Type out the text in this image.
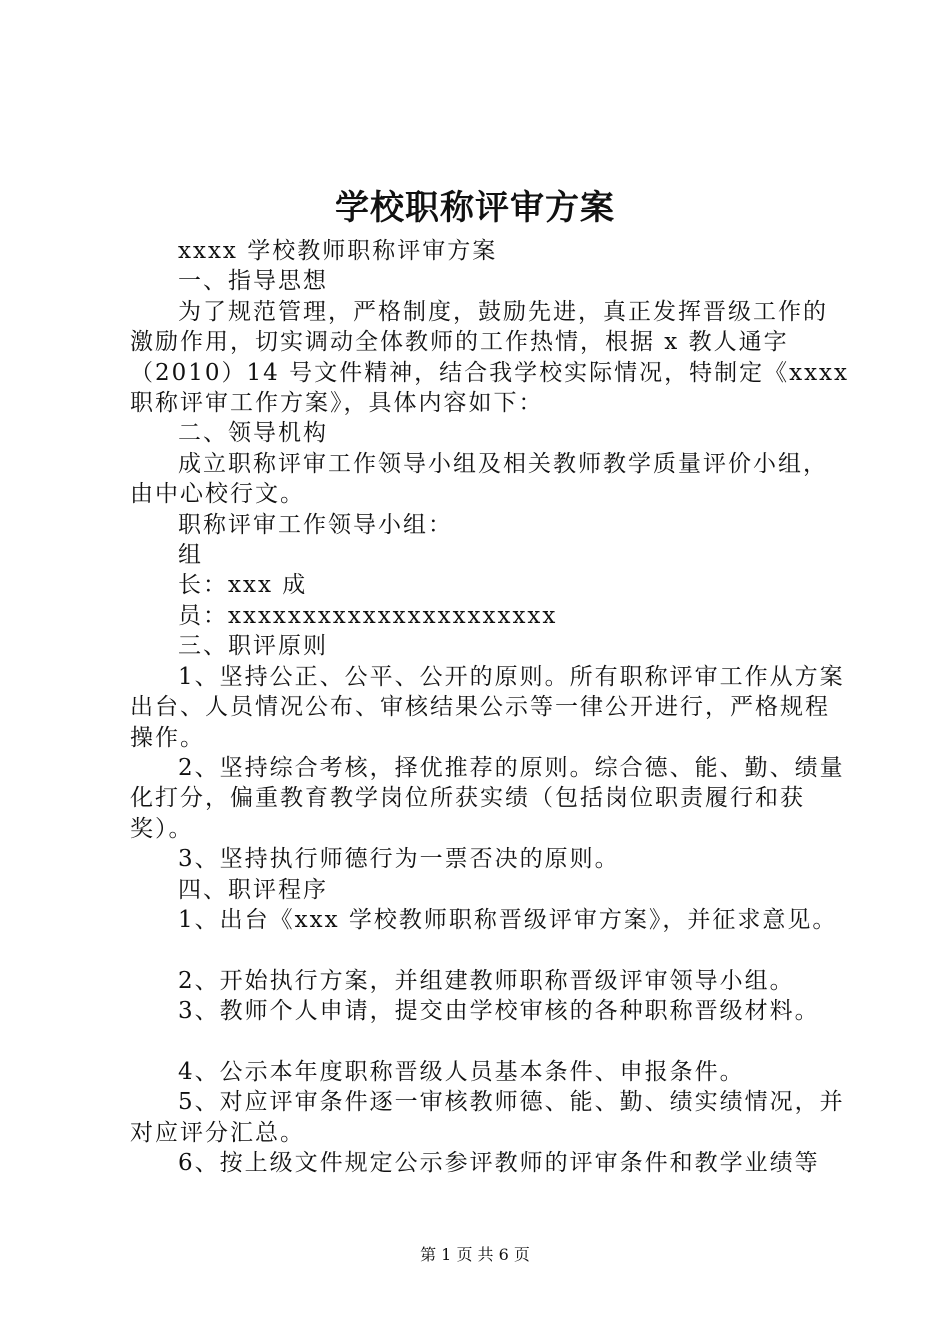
学校职称评审方案

xxxx 学校教师职称评审方案

一、指导思想

为了规范管理，严格制度，鼓励先进，真正发挥晋级工作的激励作用，切实调动全体教师的工作热情，根据 x 教人通字（2010）14 号文件精神，结合我学校实际情况，特制定《xxxx 职称评审工作方案》，具体内容如下：

二、领导机构

成立职称评审工作领导小组及相关教师教学质量评价小组，由中心校行文。

职称评审工作领导小组：

组

长：xxx 成

员：xxxxxxxxxxxxxxxxxxxxxx

三、职评原则

1、坚持公正、公平、公开的原则。所有职称评审工作从方案出台、人员情况公布、审核结果公示等一律公开进行，严格规程操作。

2、坚持综合考核，择优推荐的原则。综合德、能、勤、绩量化打分，偏重教育教学岗位所获实绩（包括岗位职责履行和获奖）。

3、坚持执行师德行为一票否决的原则。

四、职评程序

1、出台《xxx 学校教师职称晋级评审方案》，并征求意见。

2、开始执行方案，并组建教师职称晋级评审领导小组。

3、教师个人申请，提交由学校审核的各种职称晋级材料。

4、公示本年度职称晋级人员基本条件、申报条件。

5、对应评审条件逐一审核教师德、能、勤、绩实绩情况，并对应评分汇总。

6、按上级文件规定公示参评教师的评审条件和教学业绩等

第 1 页 共 6 页
